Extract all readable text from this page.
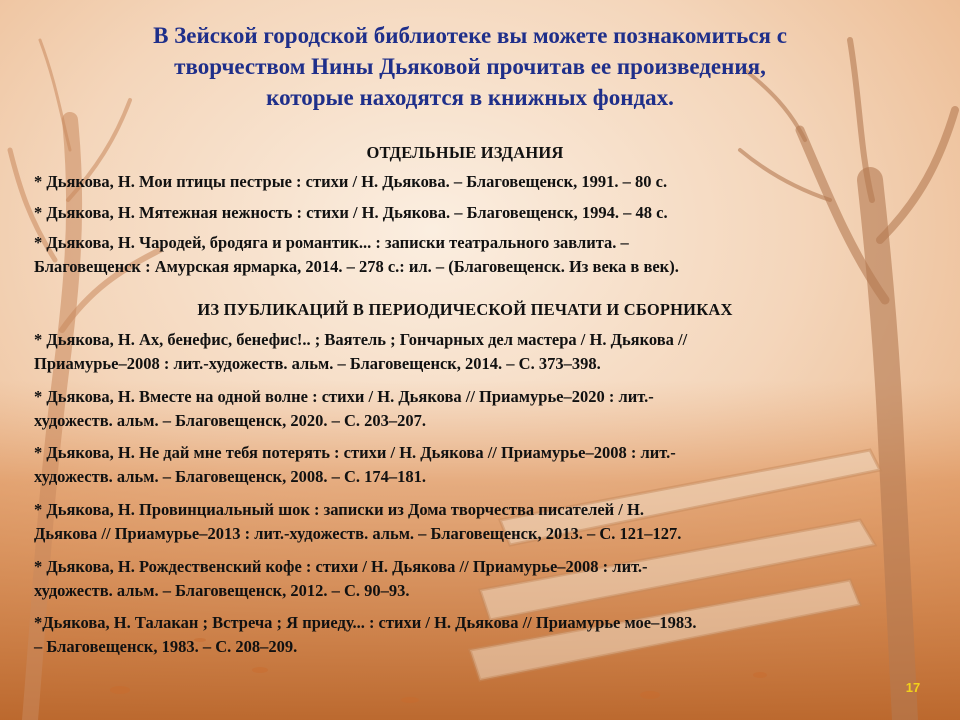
В Зейской городской библиотеке вы можете познакомиться с
творчеством Нины Дьяковой прочитав ее произведения,
которые находятся в книжных фондах.
ОТДЕЛЬНЫЕ ИЗДАНИЯ
* Дьякова, Н. Мои птицы пестрые : стихи / Н. Дьякова. – Благовещенск, 1991. – 80 с.
* Дьякова, Н. Мятежная нежность : стихи / Н. Дьякова. – Благовещенск, 1994. – 48 с.
* Дьякова, Н. Чародей, бродяга и романтик... : записки театрального завлита. –
Благовещенск : Амурская ярмарка, 2014. – 278 с.: ил. – (Благовещенск. Из века в век).
ИЗ ПУБЛИКАЦИЙ В ПЕРИОДИЧЕСКОЙ ПЕЧАТИ И СБОРНИКАХ
* Дьякова, Н. Ах, бенефис, бенефис!.. ; Ваятель ; Гончарных дел мастера / Н. Дьякова //
Приамурье–2008 : лит.-художеств. альм. – Благовещенск, 2014. – С. 373–398.
* Дьякова, Н. Вместе на одной волне : стихи / Н. Дьякова // Приамурье–2020 : лит.-
художеств. альм. – Благовещенск, 2020. – С. 203–207.
* Дьякова, Н. Не дай мне тебя потерять : стихи / Н. Дьякова // Приамурье–2008 : лит.-
художеств. альм. – Благовещенск, 2008. – С. 174–181.
* Дьякова, Н. Провинциальный шок : записки из Дома творчества писателей / Н.
Дьякова // Приамурье–2013 : лит.-художеств. альм. – Благовещенск, 2013. – С. 121–127.
* Дьякова, Н. Рождественский кофе : стихи / Н. Дьякова // Приамурье–2008 : лит.-
художеств. альм. – Благовещенск, 2012. – С. 90–93.
*Дьякова, Н. Талакан ; Встреча ; Я приеду... : стихи / Н. Дьякова // Приамурье мое–1983.
– Благовещенск, 1983. – С. 208–209.
17
